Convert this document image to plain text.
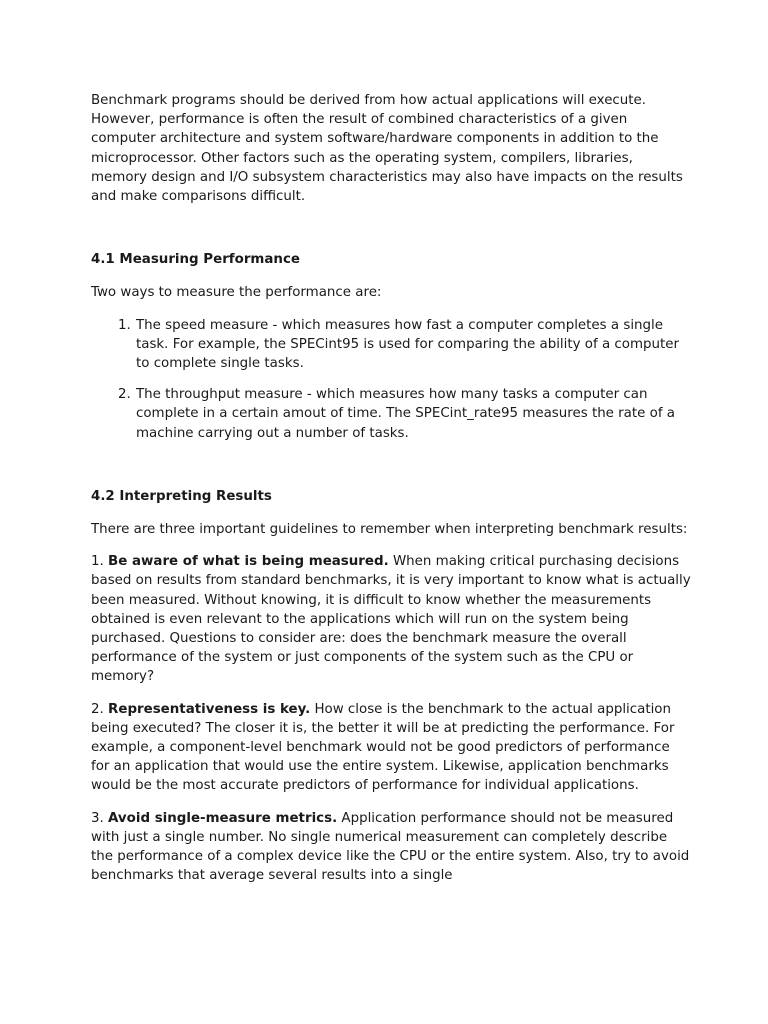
Benchmark programs should be derived from how actual applications will execute. However, performance is often the result of combined characteristics of a given computer architecture and system software/hardware components in addition to the microprocessor. Other factors such as the operating system, compilers, libraries, memory design and I/O subsystem characteristics may also have impacts on the results and make comparisons difficult.

4.1 Measuring Performance

Two ways to measure the performance are:

1. The speed measure - which measures how fast a computer completes a single task. For example, the SPECint95 is used for comparing the ability of a computer to complete single tasks.
2. The throughput measure - which measures how many tasks a computer can complete in a certain amout of time. The SPECint_rate95 measures the rate of a machine carrying out a number of tasks.
4.2 Interpreting Results

There are three important guidelines to remember when interpreting benchmark results:

1. Be aware of what is being measured. When making critical purchasing decisions based on results from standard benchmarks, it is very important to know what is actually been measured. Without knowing, it is difficult to know whether the measurements obtained is even relevant to the applications which will run on the system being purchased. Questions to consider are: does the benchmark measure the overall performance of the system or just components of the system such as the CPU or memory?

2. Representativeness is key. How close is the benchmark to the actual application being executed? The closer it is, the better it will be at predicting the performance. For example, a component-level benchmark would not be good predictors of performance for an application that would use the entire system. Likewise, application benchmarks would be the most accurate predictors of performance for individual applications.

3. Avoid single-measure metrics. Application performance should not be measured with just a single number. No single numerical measurement can completely describe the performance of a complex device like the CPU or the entire system. Also, try to avoid benchmarks that average several results into a single
